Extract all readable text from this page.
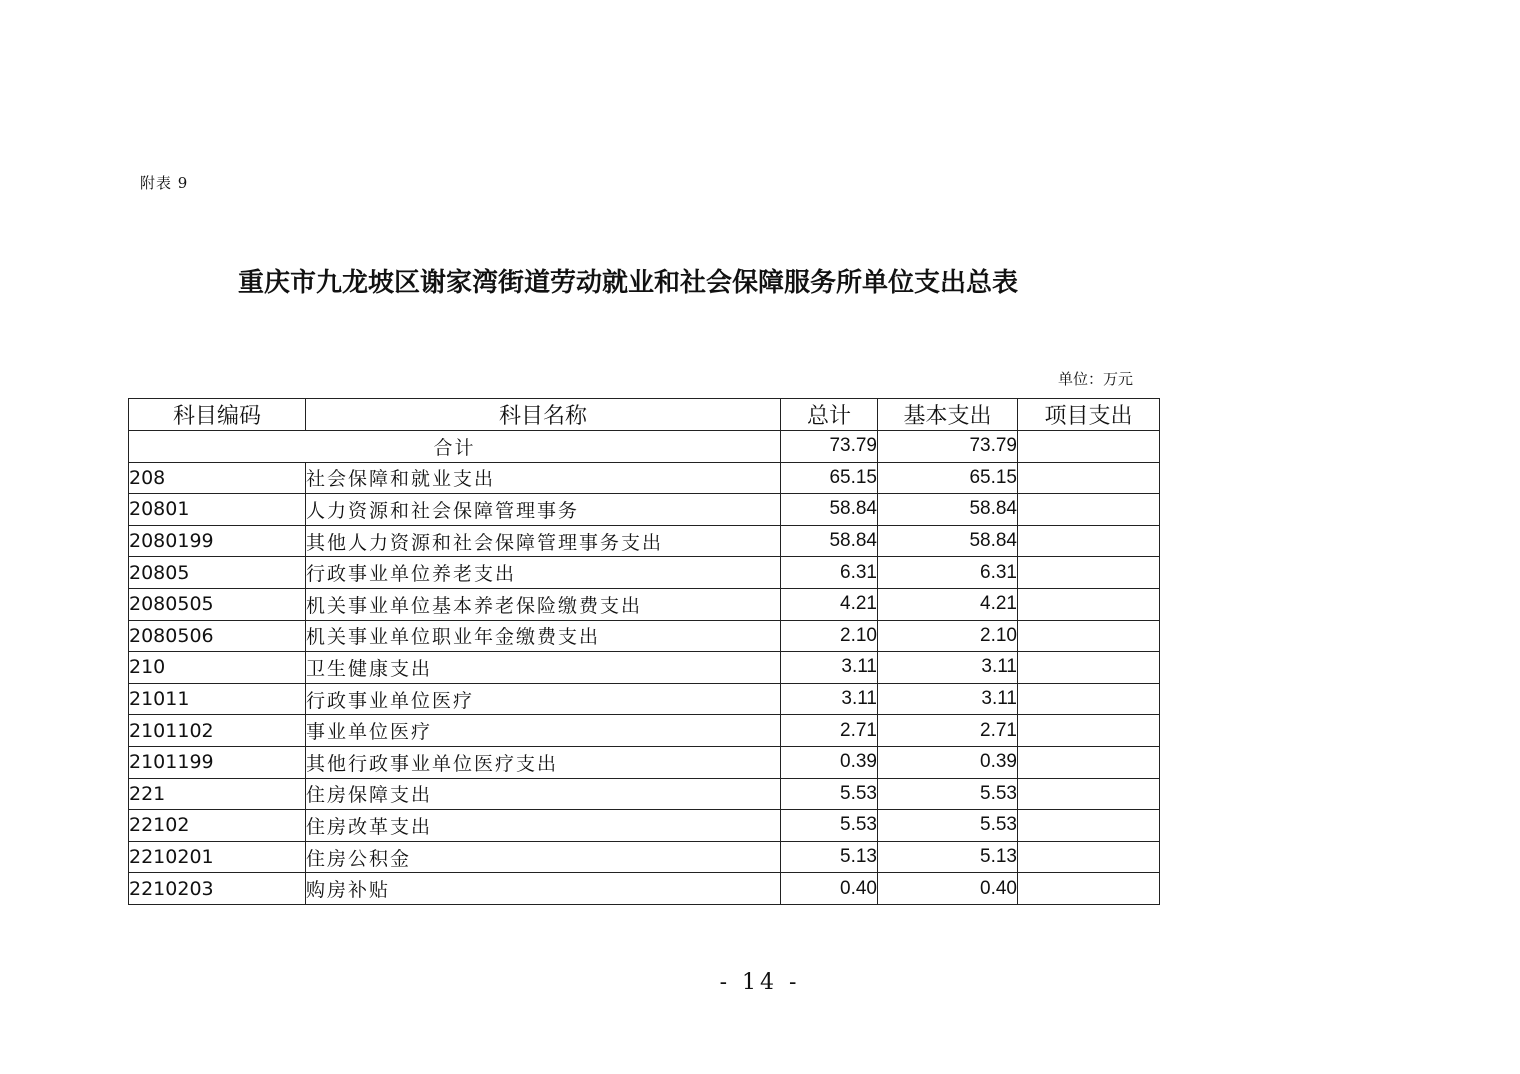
附表 9
重庆市九龙坡区谢家湾街道劳动就业和社会保障服务所单位支出总表
单位：万元
科目编码	科目名称	总计	基本支出	项目支出
合计		73.79	73.79	
208	社会保障和就业支出	65.15	65.15	
20801	人力资源和社会保障管理事务	58.84	58.84	
2080199	其他人力资源和社会保障管理事务支出	58.84	58.84	
20805	行政事业单位养老支出	6.31	6.31	
2080505	机关事业单位基本养老保险缴费支出	4.21	4.21	
2080506	机关事业单位职业年金缴费支出	2.10	2.10	
210	卫生健康支出	3.11	3.11	
21011	行政事业单位医疗	3.11	3.11	
2101102	事业单位医疗	2.71	2.71	
2101199	其他行政事业单位医疗支出	0.39	0.39	
221	住房保障支出	5.53	5.53	
22102	住房改革支出	5.53	5.53	
2210201	住房公积金	5.13	5.13	
2210203	购房补贴	0.40	0.40	
- 14 -
